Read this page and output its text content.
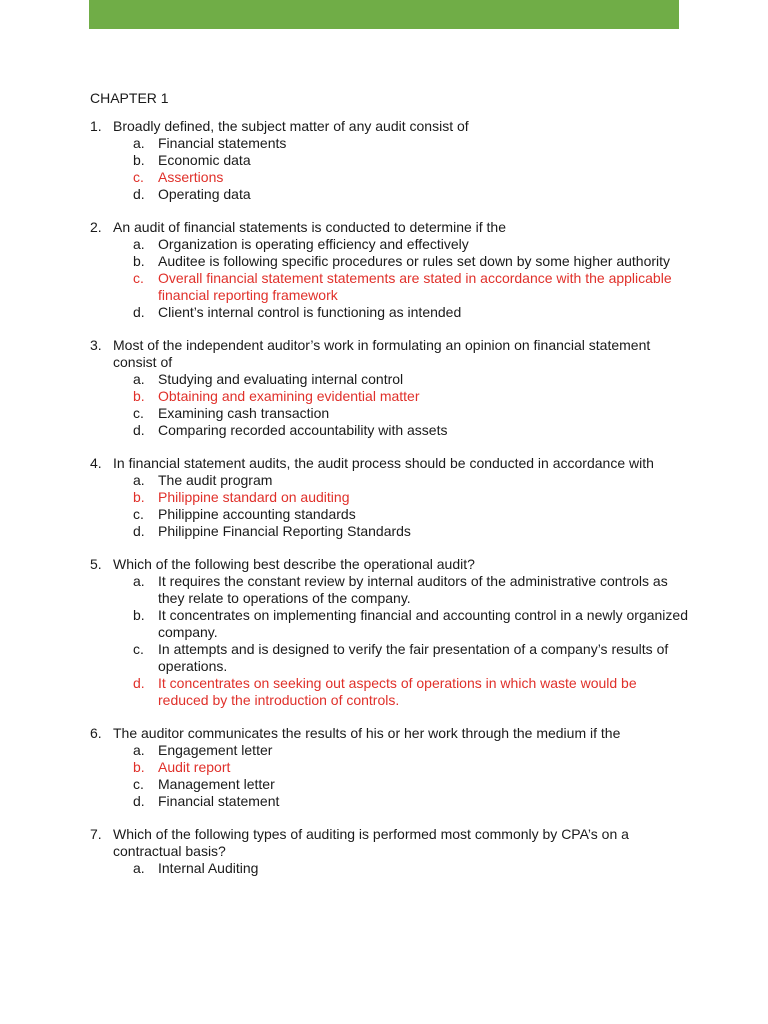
CHAPTER 1
1. Broadly defined, the subject matter of any audit consist of
a. Financial statements
b. Economic data
c.	Assertions
d. Operating data
2. An audit of financial statements is conducted to determine if the
a. Organization is operating efficiency and effectively
b. Auditee is following specific procedures or rules set down by some higher authority
c.	Overall financial statement statements are stated in accordance with the applicable financial reporting framework
d. Client’s internal control is functioning as intended
3. Most of the independent auditor’s work in formulating an opinion on financial statement consist of
a. Studying and evaluating internal control
b. Obtaining and examining evidential matter
c.	Examining cash transaction
d. Comparing recorded accountability with assets
4. In financial statement audits, the audit process should be conducted in accordance with
a. The audit program
b. Philippine standard on auditing
c.	Philippine accounting standards
d. Philippine Financial Reporting Standards
5. Which of the following best describe the operational audit?
a. It requires the constant review by internal auditors of the administrative controls as they relate to operations of the company.
b. It concentrates on implementing financial and accounting control in a newly organized company.
c.	In attempts and is designed to verify the fair presentation of a company’s results of operations.
d. It concentrates on seeking out aspects of operations in which waste would be reduced by the introduction of controls.
6. The auditor communicates the results of his or her work through the medium if the
a. Engagement letter
b. Audit report
c.	Management letter
d. Financial statement
7. Which of the following types of auditing is performed most commonly by CPA’s on a contractual basis?
a. Internal Auditing
